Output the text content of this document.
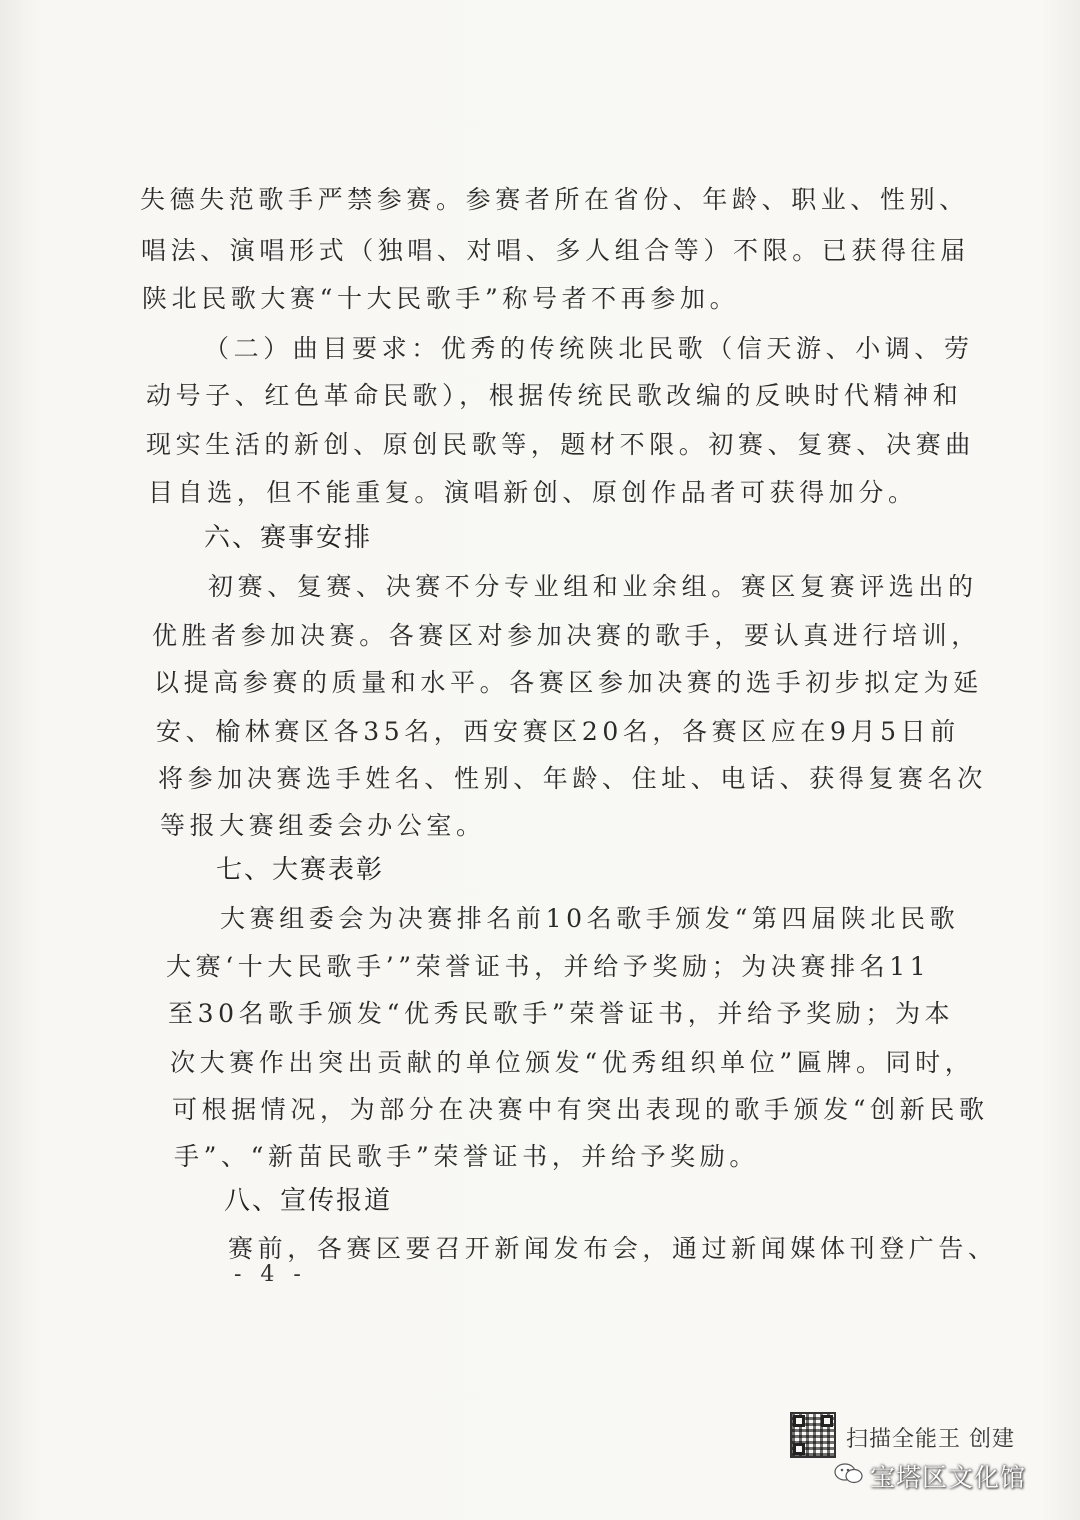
失德失范歌手严禁参赛。参赛者所在省份、年龄、职业、性别、
唱法、演唱形式（独唱、对唱、多人组合等）不限。已获得往届
陕北民歌大赛“十大民歌手”称号者不再参加。
（二）曲目要求：优秀的传统陕北民歌（信天游、小调、劳
动号子、红色革命民歌），根据传统民歌改编的反映时代精神和
现实生活的新创、原创民歌等，题材不限。初赛、复赛、决赛曲
目自选，但不能重复。演唱新创、原创作品者可获得加分。
六、赛事安排
初赛、复赛、决赛不分专业组和业余组。赛区复赛评选出的
优胜者参加决赛。各赛区对参加决赛的歌手，要认真进行培训，
以提高参赛的质量和水平。各赛区参加决赛的选手初步拟定为延
安、榆林赛区各35名，西安赛区20名，各赛区应在9月5日前
将参加决赛选手姓名、性别、年龄、住址、电话、获得复赛名次
等报大赛组委会办公室。
七、大赛表彰
大赛组委会为决赛排名前10名歌手颁发“第四届陕北民歌
大赛‘十大民歌手’”荣誉证书，并给予奖励；为决赛排名11
至30名歌手颁发“优秀民歌手”荣誉证书，并给予奖励；为本
次大赛作出突出贡献的单位颁发“优秀组织单位”匾牌。同时，
可根据情况，为部分在决赛中有突出表现的歌手颁发“创新民歌
手”、“新苗民歌手”荣誉证书，并给予奖励。
八、宣传报道
赛前，各赛区要召开新闻发布会，通过新闻媒体刊登广告、
- 4 -
扫描全能王 创建
宝塔区文化馆
